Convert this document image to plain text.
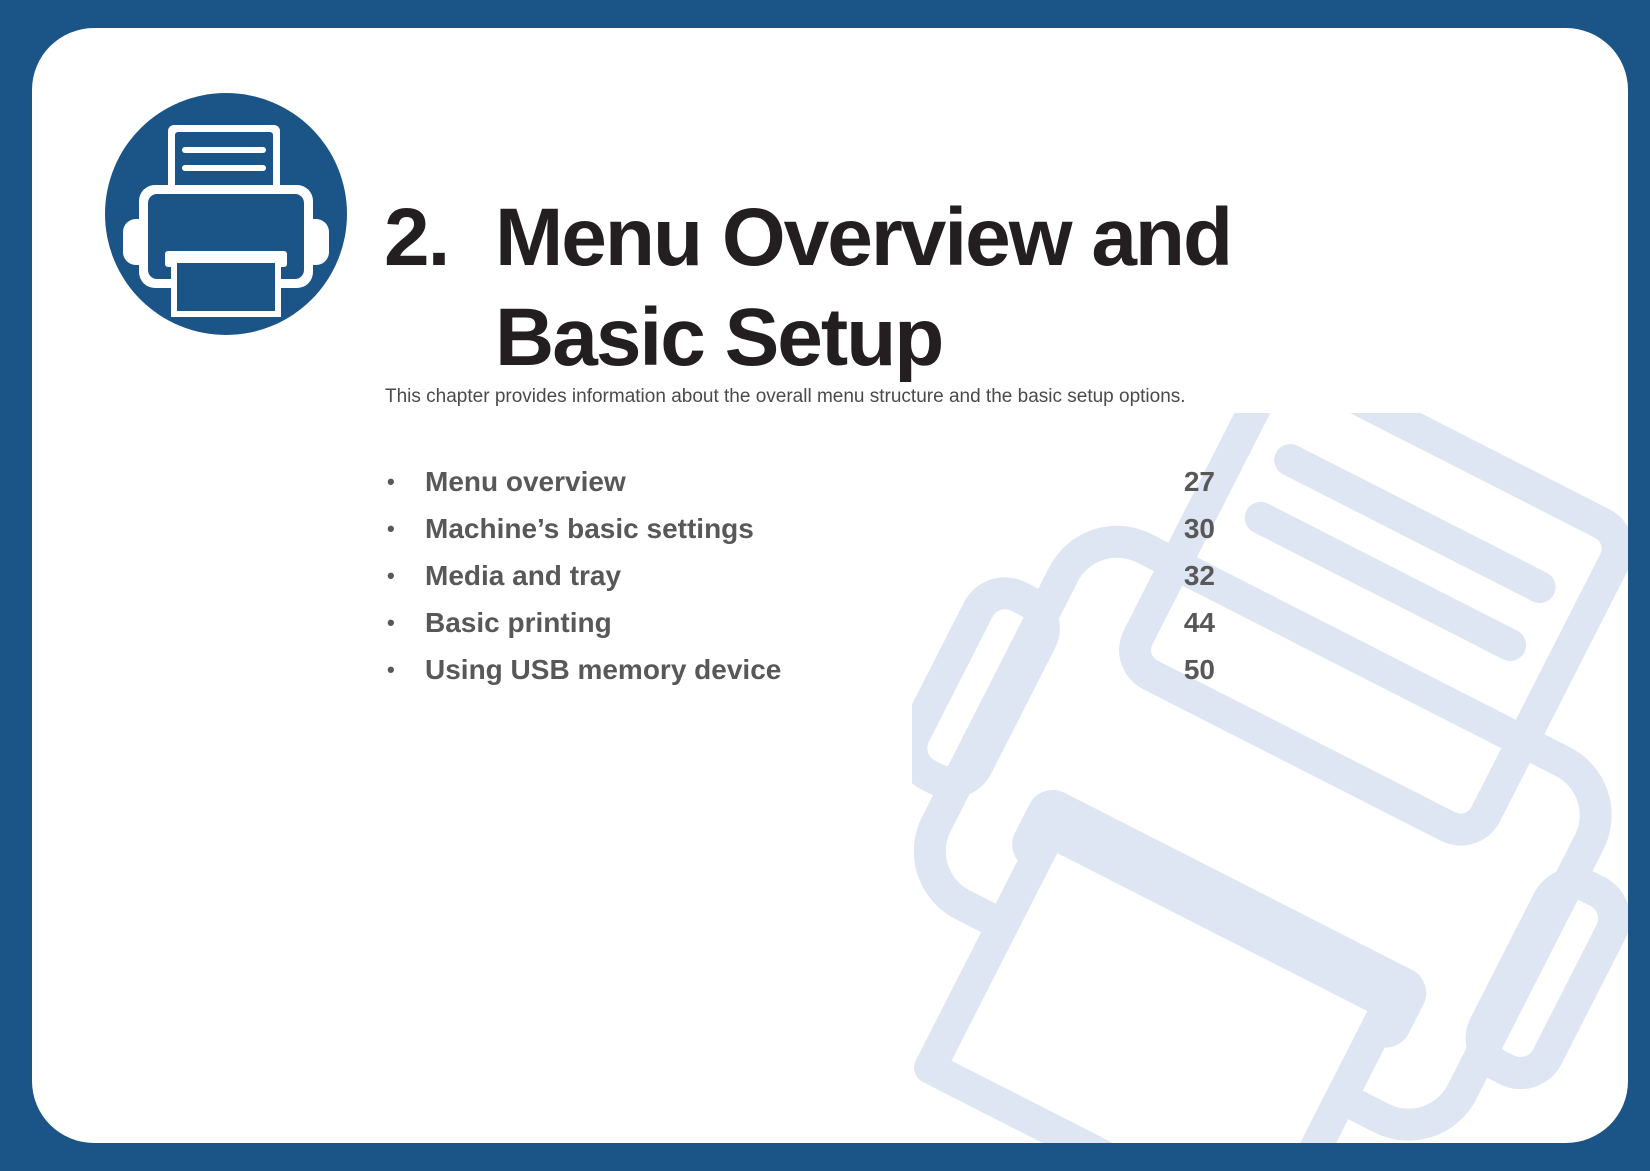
2. Menu Overview and
Basic Setup
This chapter provides information about the overall menu structure and the basic setup options.
• Menu overview	27
• Machine’s basic settings	30
• Media and tray	32
• Basic printing	44
• Using USB memory device	50
